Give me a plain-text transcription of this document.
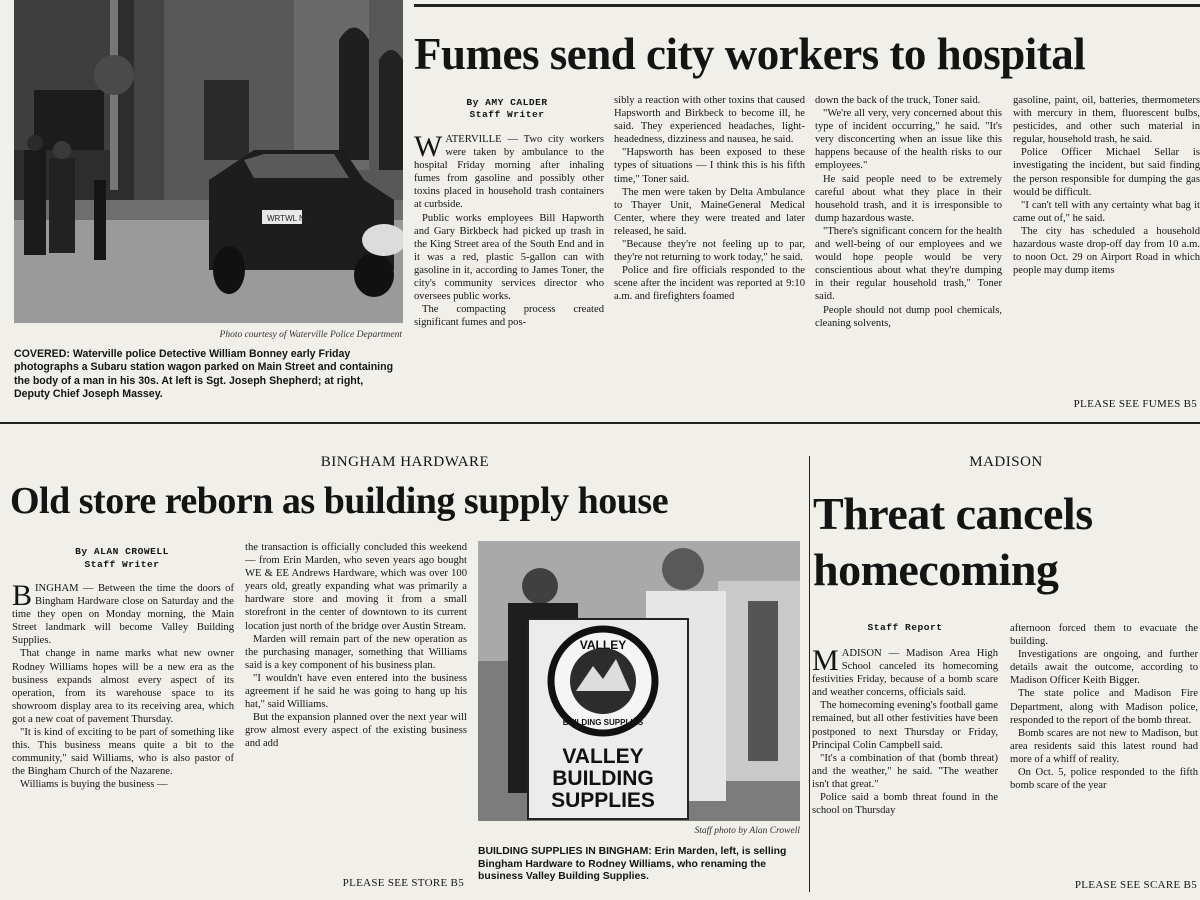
WRTWL NE
Photo courtesy of Waterville Police Department
COVERED: Waterville police Detective William Bonney early Friday photographs a Subaru station wagon parked on Main Street and containing the body of a man in his 30s. At left is Sgt. Joseph Shepherd; at right, Deputy Chief Joseph Massey.
Fumes send city workers to hospital
By AMY CALDER
Staff Writer

WATERVILLE — Two city workers were taken by ambulance to the hospital Friday morning after inhaling fumes from gasoline and possibly other toxins placed in household trash containers at curbside.

Public works employees Bill Hapworth and Gary Birkbeck had picked up trash in the King Street area of the South End and in it was a red, plastic 5-gallon can with gasoline in it, according to James Toner, the city's community services director who oversees public works.

The compacting process created significant fumes and pos-

sibly a reaction with other toxins that caused Hapsworth and Birkbeck to become ill, he said. They experienced headaches, light-headedness, dizziness and nausea, he said.

"Hapsworth has been exposed to these types of situations — I think this is his fifth time," Toner said.

The men were taken by Delta Ambulance to Thayer Unit, MaineGeneral Medical Center, where they were treated and later released, he said.

"Because they're not feeling up to par, they're not returning to work today," he said.

Police and fire officials responded to the scene after the incident was reported at 9:10 a.m. and firefighters foamed

down the back of the truck, Toner said.

"We're all very, very concerned about this type of incident occurring," he said. "It's very disconcerting when an issue like this happens because of the health risks to our employees."

He said people need to be extremely careful about what they place in their household trash, and it is irresponsible to dump hazardous waste.

"There's significant concern for the health and well-being of our employees and we would hope people would be very conscientious about what they're dumping in their regular household trash," Toner said.

People should not dump pool chemicals, cleaning solvents,

gasoline, paint, oil, batteries, thermometers with mercury in them, fluorescent bulbs, pesticides, and other such material in regular, household trash, he said.

Police Officer Michael Sellar is investigating the incident, but said finding the person responsible for dumping the gas would be difficult.

"I can't tell with any certainty what bag it came out of," he said.

The city has scheduled a household hazardous waste drop-off day from 10 a.m. to noon Oct. 29 on Airport Road in which people may dump items

PLEASE SEE FUMES B5
BINGHAM HARDWARE
Old store reborn as building supply house
By ALAN CROWELL
Staff Writer

BINGHAM — Between the time the doors of Bingham Hardware close on Saturday and the time they open on Monday morning, the Main Street landmark will become Valley Building Supplies.

That change in name marks what new owner Rodney Williams hopes will be a new era as the business expands almost every aspect of its operation, from its warehouse space to its showroom display area to its receiving area, which got a new coat of pavement Thursday.

"It is kind of exciting to be part of something like this. This business means quite a bit to the community," said Williams, who is also pastor of the Bingham Church of the Nazarene.

Williams is buying the business —

the transaction is officially concluded this weekend — from Erin Marden, who seven years ago bought WE & EE Andrews Hardware, which was over 100 years old, greatly expanding what was primarily a hardware store and moving it from a small storefront in the center of downtown to its current location just north of the bridge over Austin Stream.

Marden will remain part of the new operation as the purchasing manager, something that Williams said is a key component of his business plan.

"I wouldn't have even entered into the business agreement if he said he was going to hang up his hat," said Williams.

But the expansion planned over the next year will grow almost every aspect of the existing business and add

PLEASE SEE STORE B5
VALLEY
BUILDING SUPPLIES
VALLEY
BUILDING
SUPPLIES
Staff photo by Alan Crowell
BUILDING SUPPLIES IN BINGHAM: Erin Marden, left, is selling Bingham Hardware to Rodney Williams, who renaming the business Valley Building Supplies.
MADISON
Threat cancels
homecoming
Staff Report

MADISON — Madison Area High School canceled its homecoming festivities Friday, because of a bomb scare and weather concerns, officials said.

The homecoming evening's football game remained, but all other festivities have been postponed to next Thursday or Friday, Principal Colin Campbell said.

"It's a combination of that (bomb threat) and the weather," he said. "The weather isn't that great."

Police said a bomb threat found in the school on Thursday

afternoon forced them to evacuate the building.

Investigations are ongoing, and further details await the outcome, according to Madison Officer Keith Bigger.

The state police and Madison Fire Department, along with Madison police, responded to the report of the bomb threat.

Bomb scares are not new to Madison, but area residents said this latest round had more of a whiff of reality.

On Oct. 5, police responded to the fifth bomb scare of the year

PLEASE SEE SCARE B5
